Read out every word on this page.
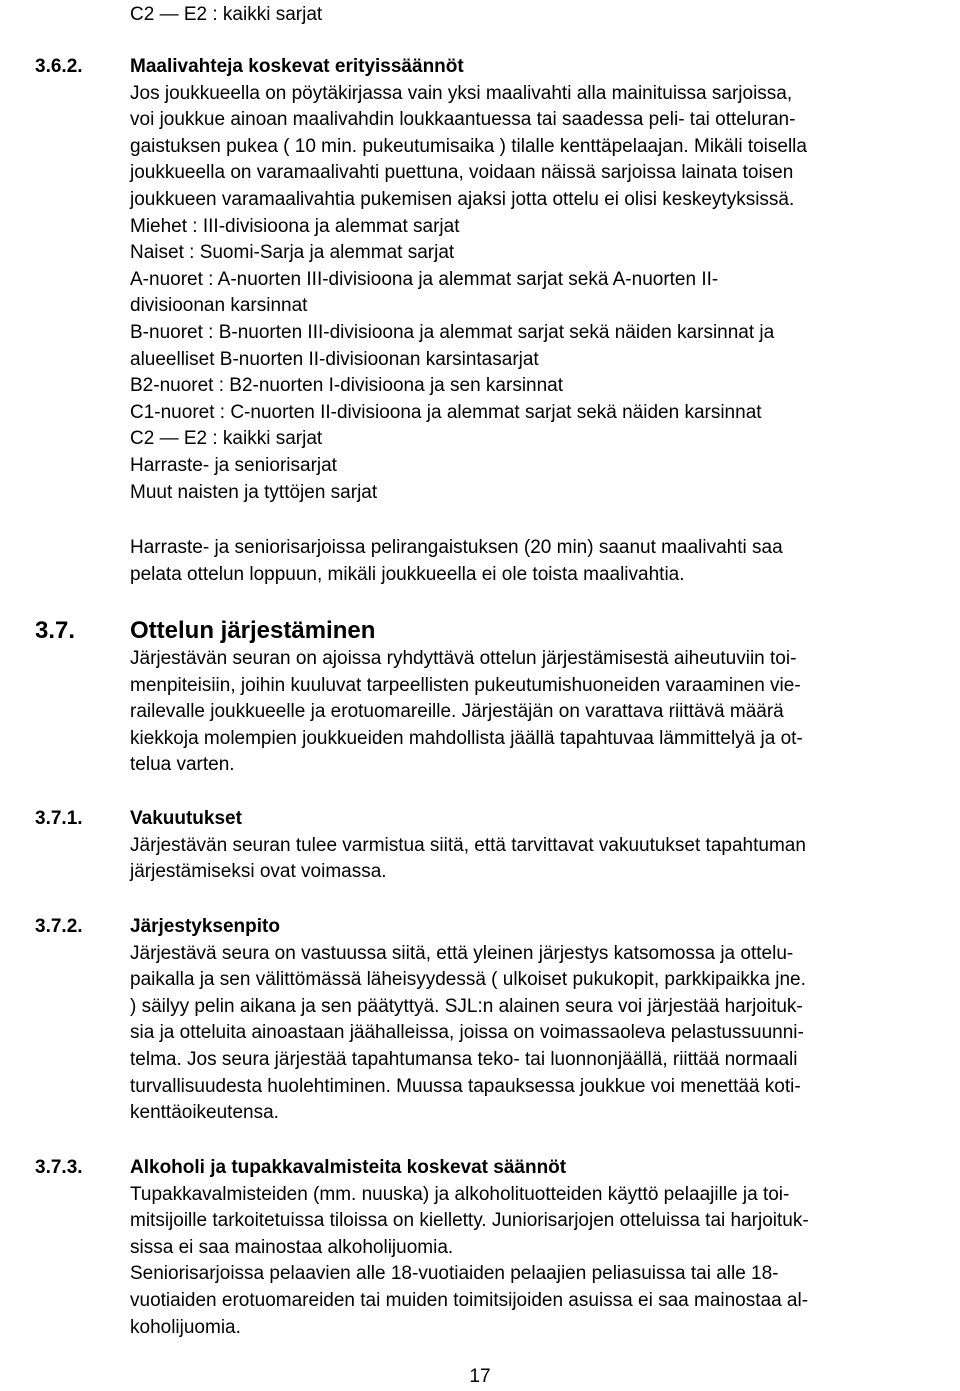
C2 — E2 : kaikki sarjat
3.6.2. Maalivahteja koskevat erityissäännöt
Jos joukkueella on pöytäkirjassa vain yksi maalivahti alla mainituissa sarjoissa,
voi joukkue ainoan maalivahdin loukkaantuessa tai saadessa peli- tai otteluran-
gaistuksen pukea ( 10 min. pukeutumisaika ) tilalle kenttäpelaajan. Mikäli toisella
joukkueella on varamaalivahti puettuna, voidaan näissä sarjoissa lainata toisen
joukkueen varamaalivahtia pukemisen ajaksi jotta ottelu ei olisi keskeytyksissä.
Miehet : III-divisioona ja alemmat sarjat
Naiset : Suomi-Sarja ja alemmat sarjat
A-nuoret : A-nuorten III-divisioona ja alemmat sarjat sekä A-nuorten II-
divisioonan karsinnat
B-nuoret : B-nuorten III-divisioona ja alemmat sarjat sekä näiden karsinnat ja
alueelliset B-nuorten II-divisioonan karsintasarjat
B2-nuoret : B2-nuorten I-divisioona ja sen karsinnat
C1-nuoret : C-nuorten II-divisioona ja alemmat sarjat sekä näiden karsinnat
C2 — E2 : kaikki sarjat
Harraste- ja seniorisarjat
Muut naisten ja tyttöjen sarjat
Harraste- ja seniorisarjoissa pelirangaistuksen (20 min) saanut maalivahti saa
pelata ottelun loppuun, mikäli joukkueella ei ole toista maalivahtia.
3.7. Ottelun järjestäminen
Järjestävän seuran on ajoissa ryhdyttävä ottelun järjestämisestä aiheutuviin toi-
menpiteisiin, joihin kuuluvat tarpeellisten pukeutumishuoneiden varaaminen vie-
railevalle joukkueelle ja erotuomareille. Järjestäjän on varattava riittävä määrä
kiekkoja molempien joukkueiden mahdollista jäällä tapahtuvaa lämmittelyä ja ot-
telua varten.
3.7.1. Vakuutukset
Järjestävän seuran tulee varmistua siitä, että tarvittavat vakuutukset tapahtuman
järjestämiseksi ovat voimassa.
3.7.2. Järjestyksenpito
Järjestävä seura on vastuussa siitä, että yleinen järjestys katsomossa ja ottelu-
paikalla ja sen välittömässä läheisyydessä ( ulkoiset pukukopit, parkkipaikka jne.
) säilyy pelin aikana ja sen päätyttyä. SJL:n alainen seura voi järjestää harjoituk-
sia ja otteluita ainoastaan jäähalleissa, joissa on voimassaoleva pelastussuunni-
telma. Jos seura järjestää tapahtumansa teko- tai luonnonjäällä, riittää normaali
turvallisuudesta huolehtiminen. Muussa tapauksessa joukkue voi menettää koti-
kenttäoikeutensa.
3.7.3. Alkoholi ja tupakkavalmisteita koskevat säännöt
Tupakkavalmisteiden (mm. nuuska) ja alkoholituotteiden käyttö pelaajille ja toi-
mitsijoille tarkoitetuissa tiloissa on kielletty. Juniorisarjojen otteluissa tai harjoituk-
sissa ei saa mainostaa alkoholijuomia.
Seniorisarjoissa pelaavien alle 18-vuotiaiden pelaajien peliasuissa tai alle 18-
vuotiaiden erotuomareiden tai muiden toimitsijoiden asuissa ei saa mainostaa al-
koholijuomia.
17
